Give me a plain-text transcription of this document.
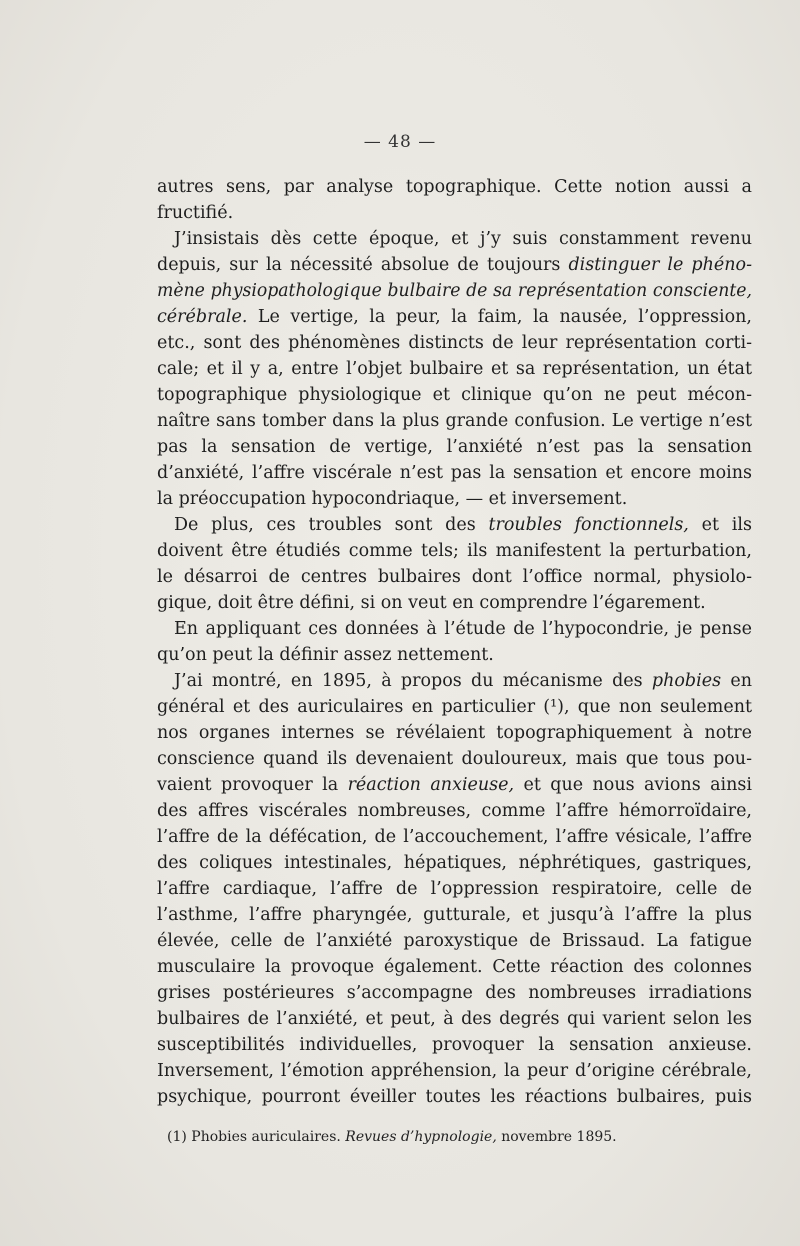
— 48 —
autres sens, par analyse topographique. Cette notion aussi a
fructifié.
J’insistais dès cette époque, et j’y suis constamment revenu
depuis, sur la nécessité absolue de toujours distinguer le phéno-
mène physiopathologique bulbaire de sa représentation consciente,
cérébrale. Le vertige, la peur, la faim, la nausée, l’oppression,
etc., sont des phénomènes distincts de leur représentation corti-
cale; et il y a, entre l’objet bulbaire et sa représentation, un état
topographique physiologique et clinique qu’on ne peut mécon-
naître sans tomber dans la plus grande confusion. Le vertige n’est
pas la sensation de vertige, l’anxiété n’est pas la sensation
d’anxiété, l’affre viscérale n’est pas la sensation et encore moins
la préoccupation hypocondriaque, — et inversement.
De plus, ces troubles sont des troubles fonctionnels, et ils
doivent être étudiés comme tels; ils manifestent la perturbation,
le désarroi de centres bulbaires dont l’office normal, physiolo-
gique, doit être défini, si on veut en comprendre l’égarement.
En appliquant ces données à l’étude de l’hypocondrie, je pense
qu’on peut la définir assez nettement.
J’ai montré, en 1895, à propos du mécanisme des phobies en
général et des auriculaires en particulier (¹), que non seulement
nos organes internes se révélaient topographiquement à notre
conscience quand ils devenaient douloureux, mais que tous pou-
vaient provoquer la réaction anxieuse, et que nous avions ainsi
des affres viscérales nombreuses, comme l’affre hémorroïdaire,
l’affre de la défécation, de l’accouchement, l’affre vésicale, l’affre
des coliques intestinales, hépatiques, néphrétiques, gastriques,
l’affre cardiaque, l’affre de l’oppression respiratoire, celle de
l’asthme, l’affre pharyngée, gutturale, et jusqu’à l’affre la plus
élevée, celle de l’anxiété paroxystique de Brissaud. La fatigue
musculaire la provoque également. Cette réaction des colonnes
grises postérieures s’accompagne des nombreuses irradiations
bulbaires de l’anxiété, et peut, à des degrés qui varient selon les
susceptibilités individuelles, provoquer la sensation anxieuse.
Inversement, l’émotion appréhension, la peur d’origine cérébrale,
psychique, pourront éveiller toutes les réactions bulbaires, puis
(1) Phobies auriculaires. Revues d’hypnologie, novembre 1895.
